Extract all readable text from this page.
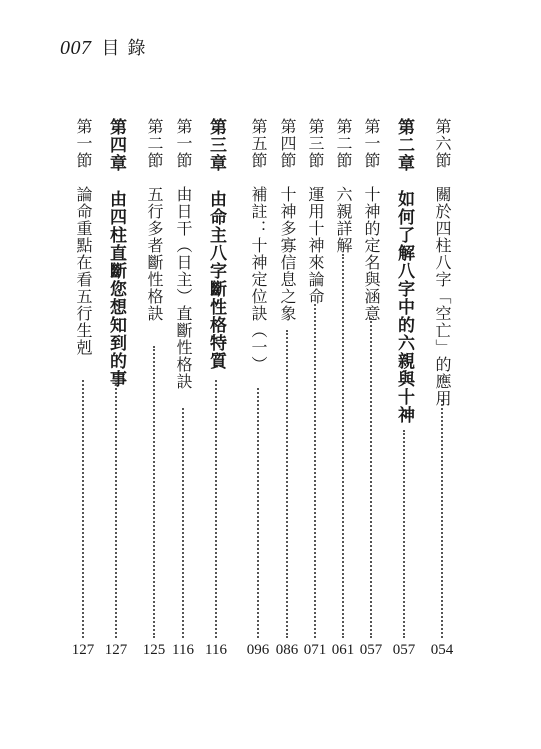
007 目錄
第六節關於四柱八字「空亡」的應用
054
第二章如何了解八字中的六親與十神
057
第一節十神的定名與涵意
057
第二節六親詳解
061
第三節運用十神來論命
071
第四節十神多寡信息之象
086
第五節補註：十神定位訣（一）
096
第三章由命主八字斷性格特質
116
第一節由日干（日主）直斷性格訣
116
第二節五行多者斷性格訣
125
第四章由四柱直斷您想知到的事
127
第一節論命重點在看五行生剋
127
